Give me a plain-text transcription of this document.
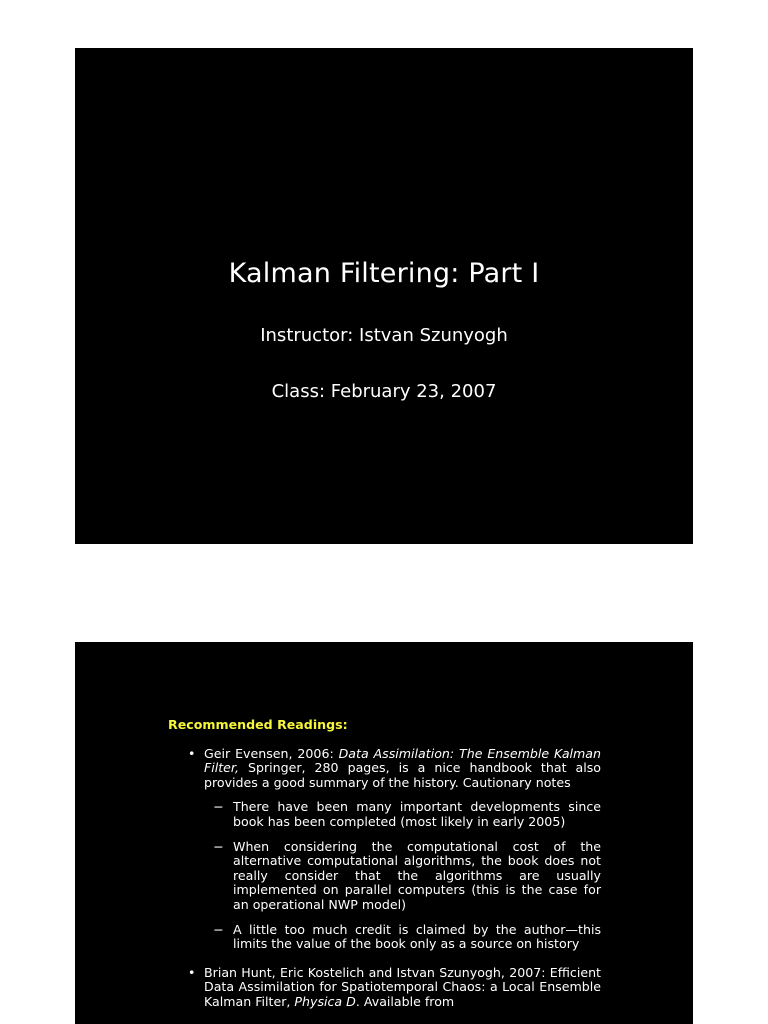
Kalman Filtering: Part I
Instructor: Istvan Szunyogh
Class: February 23, 2007
Recommended Readings:
• Geir Evensen, 2006: Data Assimilation: The Ensemble Kalman Filter, Springer, 280 pages, is a nice handbook that also provides a good summary of the history. Cautionary notes
− There have been many important developments since book has been completed (most likely in early 2005)
− When considering the computational cost of the alternative computational algorithms, the book does not really consider that the algorithms are usually implemented on parallel computers (this is the case for an operational NWP model)
− A little too much credit is claimed by the author—this limits the value of the book only as a source on history
• Brian Hunt, Eric Kostelich and Istvan Szunyogh, 2007: Efficient Data Assimilation for Spatiotemporal Chaos: a Local Ensemble Kalman Filter, Physica D. Available from
